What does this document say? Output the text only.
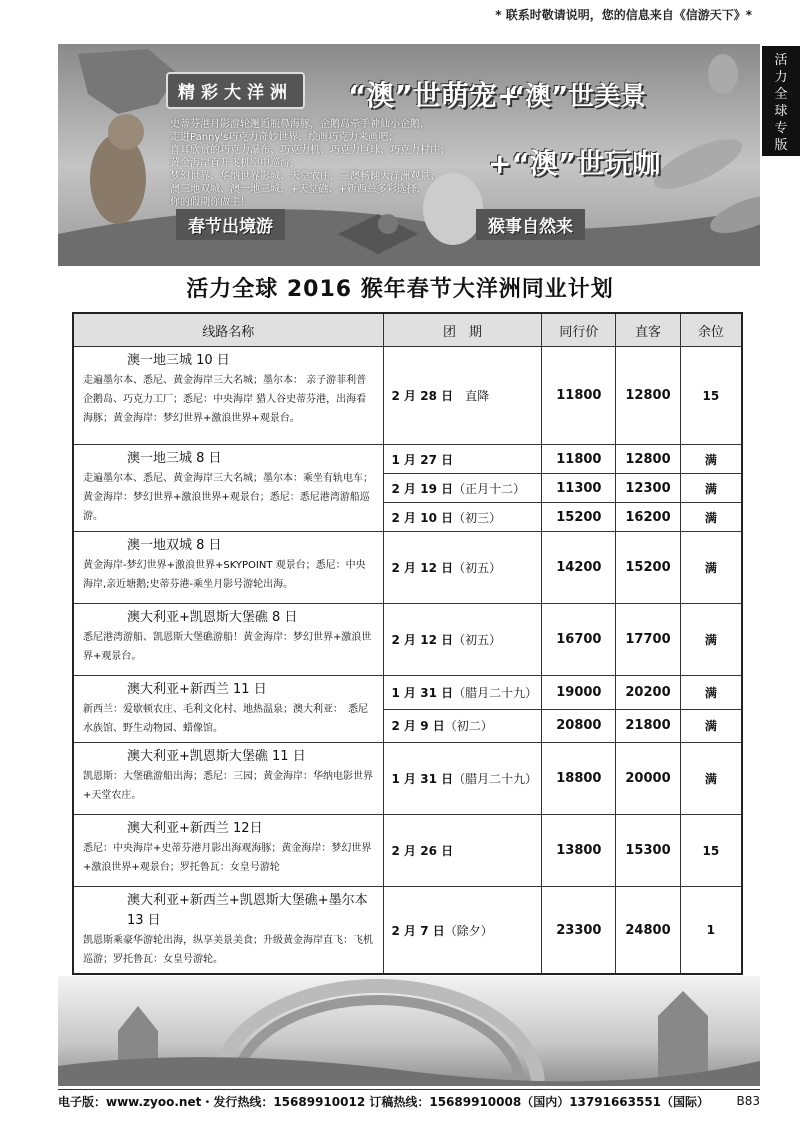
* 联系时敬请说明，您的信息来自《信游天下》*
活
力
全
球
专
版
精彩大洋洲	“澳”世萌宠+
“澳”世美景
+“澳”世玩咖
史蒂芬港月影游轮邂逅瓶鼻海豚，企鹅岛牵手神仙小企鹅，
走进Panny's巧克力奇妙世界，绘画巧克力来画吧；
喜耳欣赏的巧克力瀑布、巧克力机、巧克力巨球、巧克力村庄；
黄金海岸直升飞机空中巡游，
梦幻世界、华纳世界影城、天堂农庄，三澳畅翻大洋洲观景；
澳三地双城、澳一地三城，+天堂礁、+新西兰多彩选择，
你的假期你做主！
春节出境游	猴事自然来
活力全球 2016 猴年春节大洋洲同业计划
线路名称	团　期	同行价	直客	余位

澳一地三城 10 日
走遍墨尔本、悉尼、黄金海岸三大名城；墨尔本： 亲子游菲利普企鹅岛、巧克力工厂；悉尼：中央海岸 猎人谷史蒂芬港，出海看海豚；黄金海岸：梦幻世界+激浪世界+观景台。	2 月 28 日　直降	11800	12800	15

澳一地三城 8 日
走遍墨尔本、悉尼、黄金海岸三大名城；墨尔本：乘坐有轨电车；黄金海岸：梦幻世界+激浪世界+观景台；悉尼：悉尼港湾游船巡游。	1 月 27 日	11800	12800	满
	2 月 19 日（正月十二）	11300	12300	满
	2 月 10 日（初三）	15200	16200	满

澳一地双城 8 日
黄金海岸-梦幻世界+激浪世界+SKYPOINT 观景台；悉尼：中央海岸,亲近塘鹅;史蒂芬港-乘坐月影号游轮出海。	2 月 12 日（初五）	14200	15200	满

澳大利亚+凯恩斯大堡礁 8 日
悉尼港湾游船、凯恩斯大堡礁游船！黄金海岸：梦幻世界+激浪世界+观景台。	2 月 12 日（初五）	16700	17700	满

澳大利亚+新西兰 11 日
新西兰：爱歇顿农庄、毛利文化村、地热温泉；澳大利亚：　悉尼水族馆、野生动物园、蜡像馆。	1 月 31 日（腊月二十九）	19000	20200	满
	2 月 9 日（初二）	20800	21800	满

澳大利亚+凯恩斯大堡礁 11 日
凯恩斯：大堡礁游船出海；悉尼：三园；黄金海岸：华纳电影世界+天堂农庄。	1 月 31 日（腊月二十九）	18800	20000	满

澳大利亚+新西兰 12日
悉尼：中央海岸+史蒂芬港月影出海观海豚；黄金海岸：梦幻世界+激浪世界+观景台；罗托鲁瓦：女皇号游轮	2 月 26 日	13800	15300	15

澳大利亚+新西兰+凯恩斯大堡礁+墨尔本 13 日
凯恩斯乘豪华游轮出海，纵享美景美食；升级黄金海岸直飞：飞机巡游；罗托鲁瓦：女皇号游轮。	2 月 7 日（除夕）	23300	24800	1
电子版：www.zyoo.net・发行热线：15689910012 订稿热线：15689910008（国内）13791663551（国际） B83
